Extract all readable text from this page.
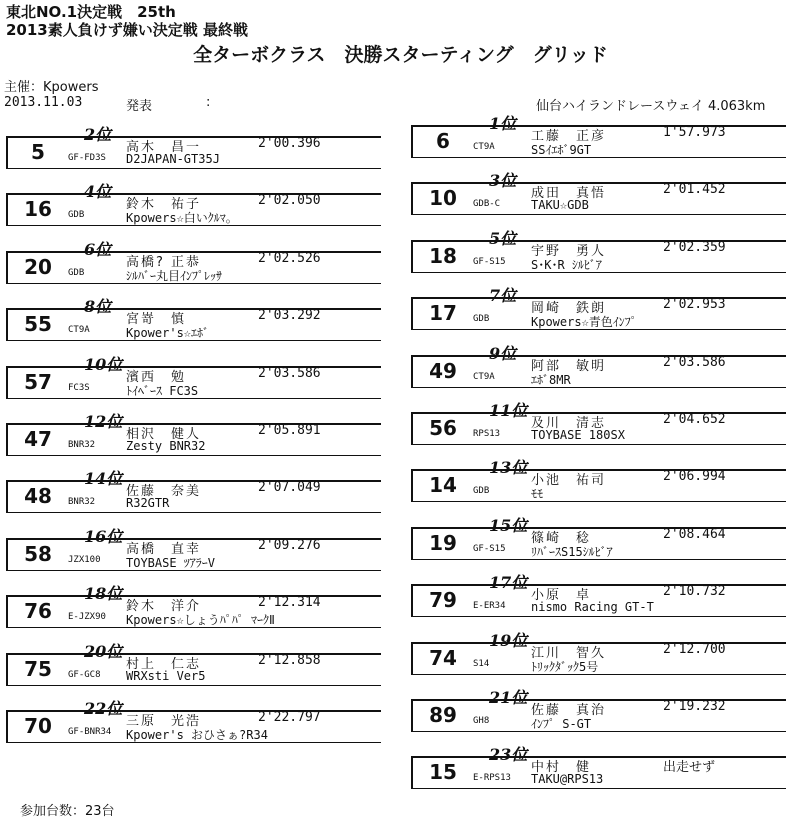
東北NO.1決定戦　25th
2013素人負けず嫌い決定戦 最終戦
全ターボクラス　決勝スターティング　グリッド
主催：Kpowers
2013.11.03	発表	:	仙台ハイランドレースウェイ 4.063km
2位
5	GF-FD3S
高木　昌一	2'00.396
D2JAPAN-GT35J
4位
16	GDB
鈴木　祐子	2'02.050
Kpowers☆白いｸﾙﾏ｡
6位
20	GDB
高橋? 正恭	2'02.526
ｼﾙﾊﾞｰ丸目ｲﾝﾌﾟﾚｯｻ
8位
55	CT9A
宮嵜　慎	2'03.292
Kpower's☆ｴﾎﾞ
10位
57	FC3S
濱西　勉	2'03.586
ﾄｲﾍﾞｰｽ FC3S
12位
47	BNR32
相沢　健人	2'05.891
Zesty BNR32
14位
48	BNR32
佐藤　奈美	2'07.049
R32GTR
16位
58	JZX100
高橋　直幸	2'09.276
TOYBASE ﾂｱﾗｰV
18位
76	E-JZX90
鈴木　洋介	2'12.314
Kpowers☆しょうﾊﾟﾊﾟ ﾏｰｸⅡ
20位
75	GF-GC8
村上　仁志	2'12.858
WRXsti Ver5
22位
70	GF-BNR34
三原　光浩	2'22.797
Kpower's おひさぁ?R34
1位
6	CT9A
工藤　正彦	1'57.973
SSｲｴﾎﾞ9GT
3位
10	GDB-C
成田　真悟	2'01.452
TAKU☆GDB
5位
18	GF-S15
宇野　勇人	2'02.359
S･K･R ｼﾙﾋﾞｱ
7位
17	GDB
岡崎　鉄朗	2'02.953
Kpowers☆青色ｲﾝﾌﾟ
9位
49	CT9A
阿部　敏明	2'03.586
ｴﾎﾞ8MR
11位
56	RPS13
及川　清志	2'04.652
TOYBASE 180SX
13位
14	GDB
小池　祐司	2'06.994
ﾓﾓ
15位
19	GF-S15
篠崎　稔	2'08.464
ﾘﾊﾞｰｽS15ｼﾙﾋﾞｱ
17位
79	E-ER34
小原　卓	2'10.732
nismo Racing GT-T
19位
74	S14
江川　智久	2'12.700
ﾄﾘｯｸﾀﾞｯｸ5号
21位
89	GH8
佐藤　真治	2'19.232
ｲﾝﾌﾟ S-GT
23位
15	E-RPS13
中村　健	出走せず
TAKU@RPS13
参加台数：23台
